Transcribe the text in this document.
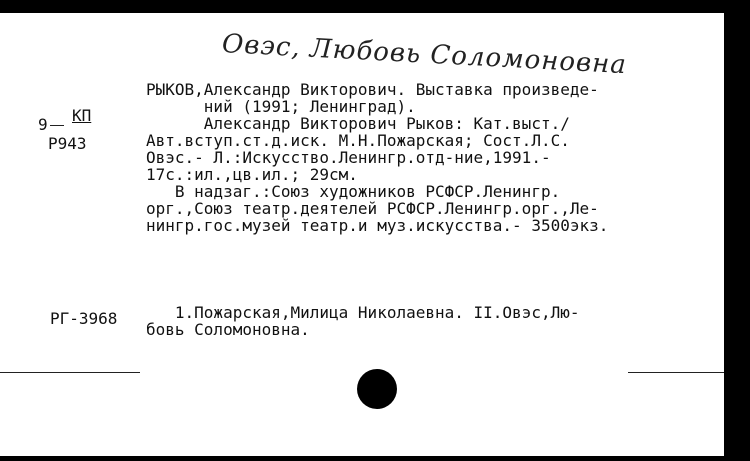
Овэс, Любовь Соломоновна
9 КП
Р943
РЫКОВ,Александр Викторович. Выставка произведе-
ний (1991; Ленинград).
Александр Викторович Рыков: Кат.выст./
Авт.вступ.ст.д.иск. М.Н.Пожарская; Сост.Л.С.
Овэс.- Л.:Искусство.Ленингр.отд-ние,1991.-
17с.:ил.,цв.ил.; 29см.
В надзаг.:Союз художников РСФСР.Ленингр.
орг.,Союз театр.деятелей РСФСР.Ленингр.орг.,Ле-
нингр.гос.музей театр.и муз.искусства.- 3500экз.
РГ-3968 1.Пожарская,Милица Николаевна. II.Овэс,Лю-
бовь Соломоновна.
